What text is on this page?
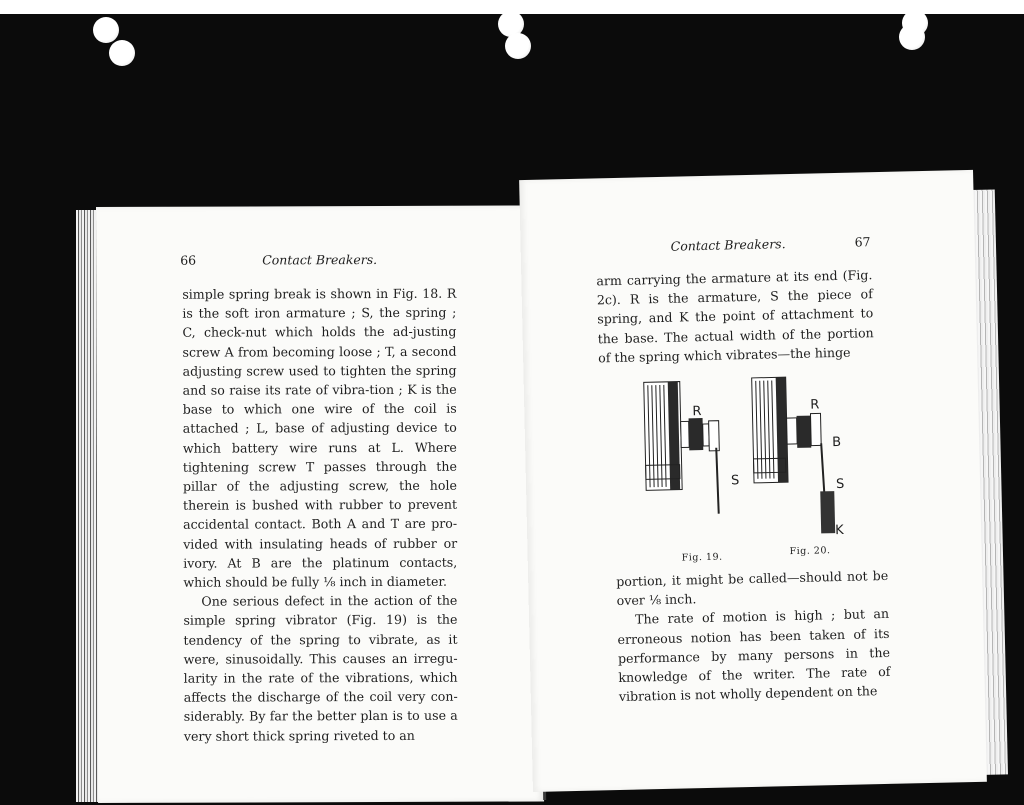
66	Contact Breakers.

simple spring break is shown in Fig. 18. R is the soft iron armature ; S, the spring ; C, check-nut which holds the ad-justing screw A from becoming loose ; T, a second adjusting screw used to tighten the spring and so raise its rate of vibra-tion ; K is the base to which one wire of the coil is attached ; L, base of adjusting device to which battery wire runs at L. Where tightening screw T passes through the pillar of the adjusting screw, the hole therein is bushed with rubber to prevent accidental contact. Both A and T are pro-vided with insulating heads of rubber or ivory. At B are the platinum contacts, which should be fully ⅛ inch in diameter.

One serious defect in the action of the simple spring vibrator (Fig. 19) is the tendency of the spring to vibrate, as it were, sinusoidally. This causes an irregu-larity in the rate of the vibrations, which affects the discharge of the coil very con-siderably. By far the better plan is to use a very short thick spring riveted to an

Contact Breakers.	67

arm carrying the armature at its end (Fig. 2c). R is the armature, S the piece of spring, and K the point of attachment to the base. The actual width of the portion of the spring which vibrates—the hinge

R
S
R
B
S
K
Fig. 19.
Fig. 20.

portion, it might be called—should not be over ⅛ inch.

The rate of motion is high ; but an erroneous notion has been taken of its performance by many persons in the knowledge of the writer. The rate of vibration is not wholly dependent on the
